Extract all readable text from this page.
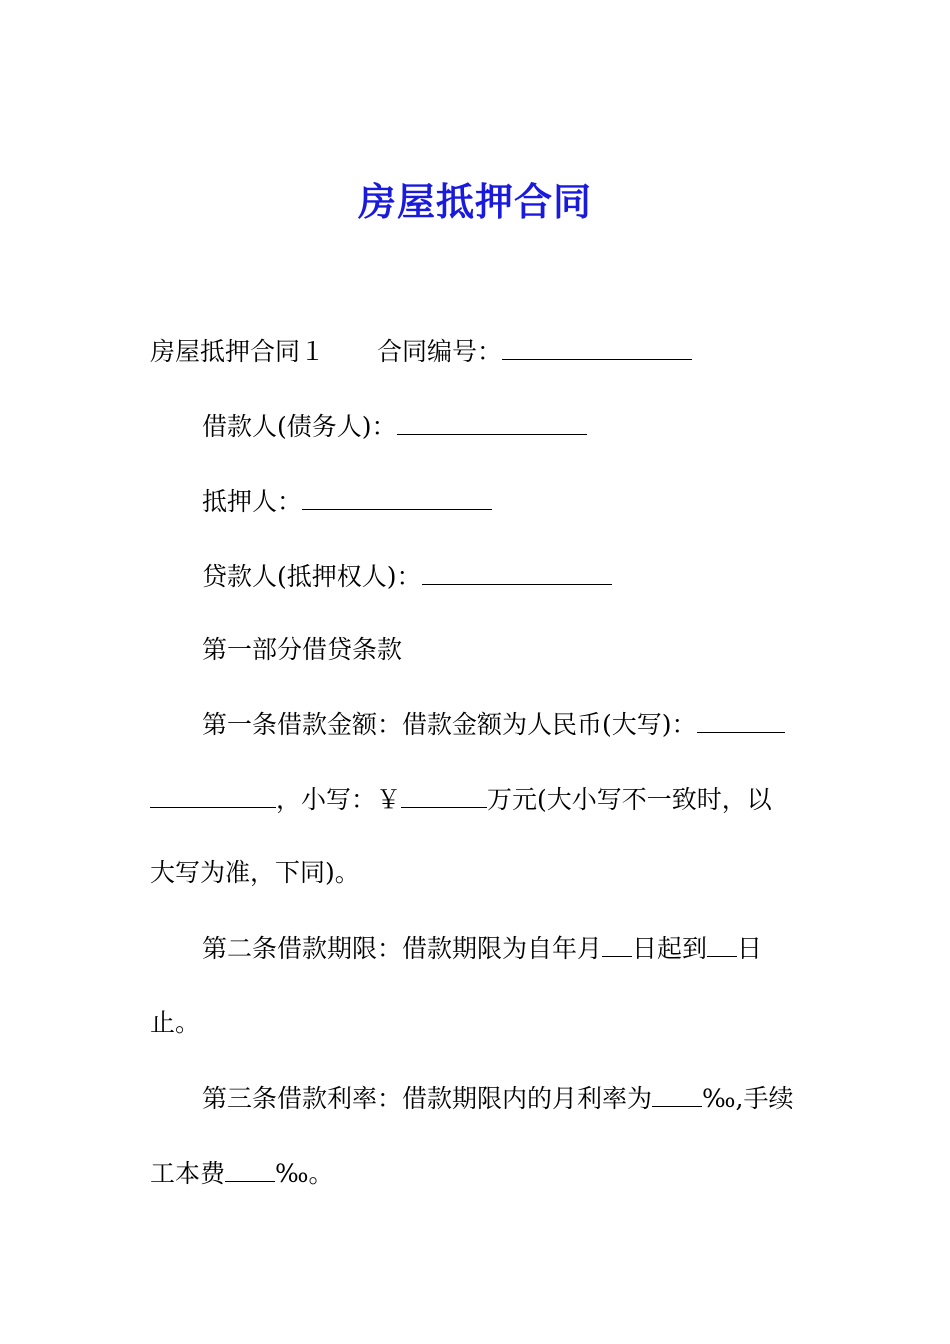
房屋抵押合同
房屋抵押合同１ 合同编号：
借款人(债务人)：
抵押人：
贷款人(抵押权人)：
第一部分借贷条款
第一条借款金额：借款金额为人民币(大写)：
，小写：￥	万元(大小写不一致时，以
大写为准，下同)。
第二条借款期限：借款期限为自年月 日起到 日
止。
第三条借款利率：借款期限内的月利率为 ‰,手续
工本费 ‰。
